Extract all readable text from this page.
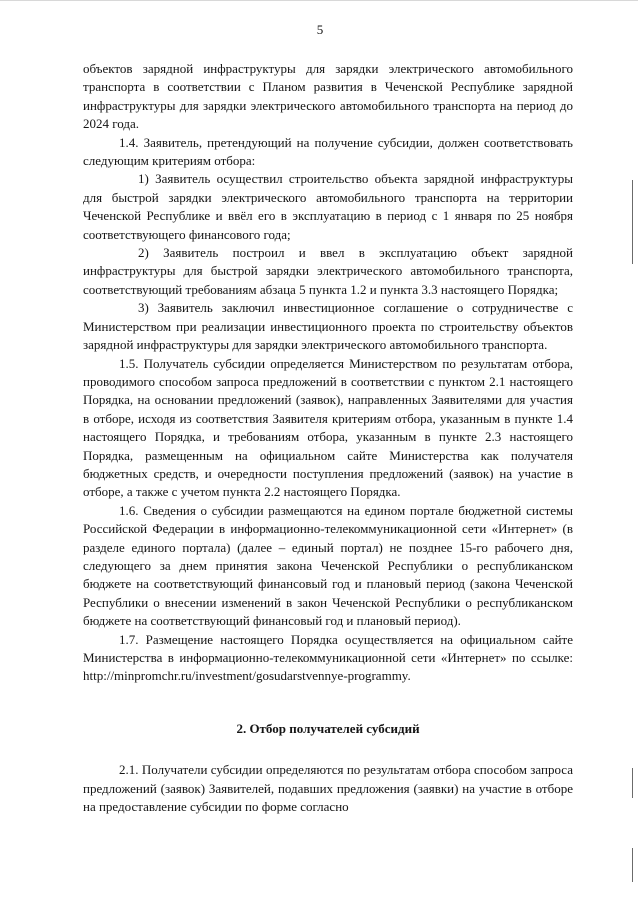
5

объектов зарядной инфраструктуры для зарядки электрического автомобильного транспорта в соответствии с Планом развития в Чеченской Республике зарядной инфраструктуры для зарядки электрического автомобильного транспорта на период до 2024 года.

1.4. Заявитель, претендующий на получение субсидии, должен соответствовать следующим критериям отбора:

1) Заявитель осуществил строительство объекта зарядной инфраструктуры для быстрой зарядки электрического автомобильного транспорта на территории Чеченской Республике и ввёл его в эксплуатацию в период с 1 января по 25 ноября соответствующего финансового года;

2) Заявитель построил и ввел в эксплуатацию объект зарядной инфраструктуры для быстрой зарядки электрического автомобильного транспорта, соответствующий требованиям абзаца 5 пункта 1.2 и пункта 3.3 настоящего Порядка;

3) Заявитель заключил инвестиционное соглашение о сотрудничестве с Министерством при реализации инвестиционного проекта по строительству объектов зарядной инфраструктуры для зарядки электрического автомобильного транспорта.

1.5. Получатель субсидии определяется Министерством по результатам отбора, проводимого способом запроса предложений в соответствии с пунктом 2.1 настоящего Порядка, на основании предложений (заявок), направленных Заявителями для участия в отборе, исходя из соответствия Заявителя критериям отбора, указанным в пункте 1.4 настоящего Порядка, и требованиям отбора, указанным в пункте 2.3 настоящего Порядка, размещенным на официальном сайте Министерства как получателя бюджетных средств, и очередности поступления предложений (заявок) на участие в отборе, а также с учетом пункта 2.2 настоящего Порядка.

1.6. Сведения о субсидии размещаются на едином портале бюджетной системы Российской Федерации в информационно-телекоммуникационной сети «Интернет» (в разделе единого портала) (далее – единый портал) не позднее 15-го рабочего дня, следующего за днем принятия закона Чеченской Республики о республиканском бюджете на соответствующий финансовый год и плановый период (закона Чеченской Республики о внесении изменений в закон Чеченской Республики о республиканском бюджете на соответствующий финансовый год и плановый период).

1.7. Размещение настоящего Порядка осуществляется на официальном сайте Министерства в информационно-телекоммуникационной сети «Интернет» по ссылке: http://minpromchr.ru/investment/gosudarstvennye-programmy.

2. Отбор получателей субсидий

2.1. Получатели субсидии определяются по результатам отбора способом запроса предложений (заявок) Заявителей, подавших предложения (заявки) на участие в отборе на предоставление субсидии по форме согласно
